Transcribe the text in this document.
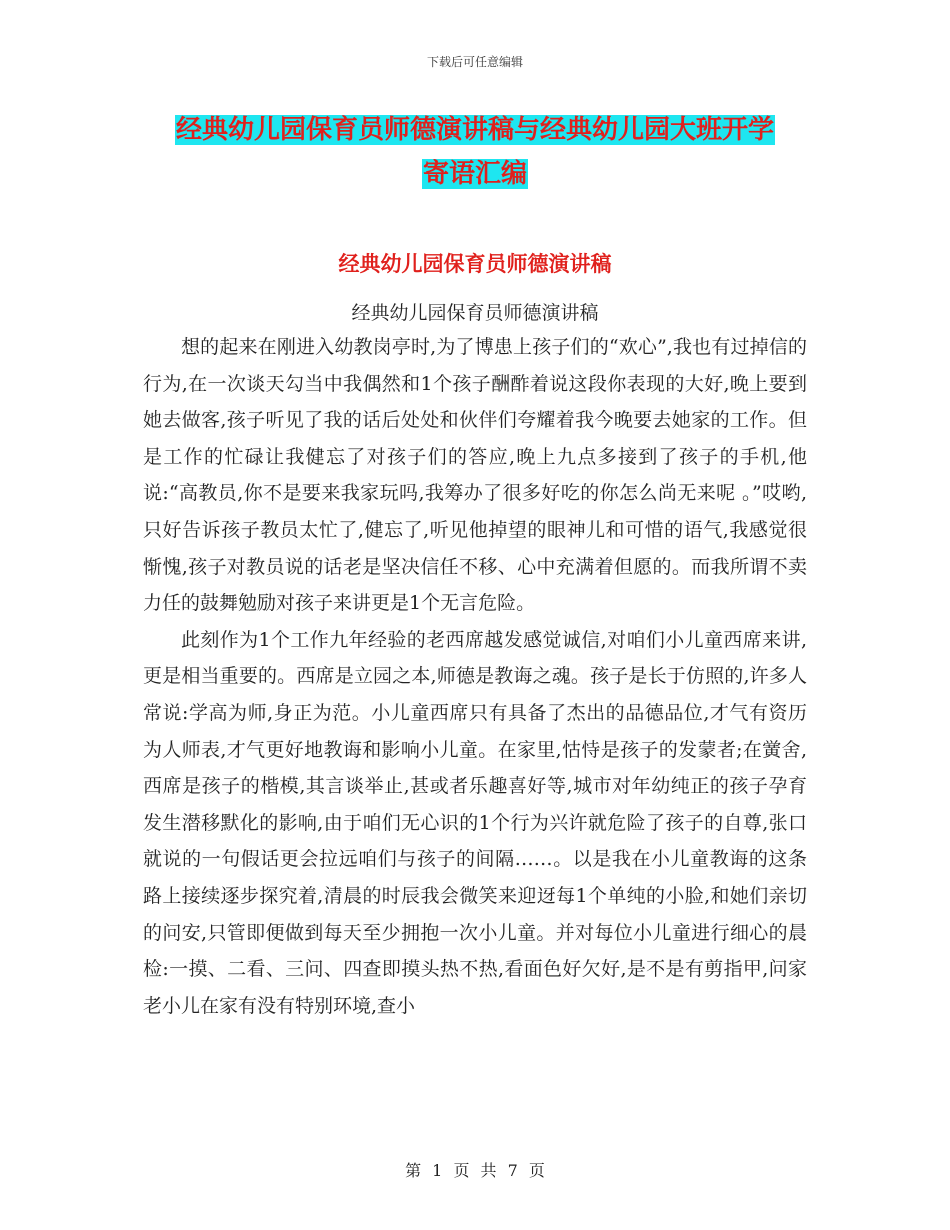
下载后可任意编辑
经典幼儿园保育员师德演讲稿与经典幼儿园大班开学
寄语汇编
经典幼儿园保育员师德演讲稿
经典幼儿园保育员师德演讲稿

想的起来在刚进入幼教岗亭时,为了博患上孩子们的“欢心”,我也有过掉信的行为,在一次谈天勾当中我偶然和1个孩子酬酢着说这段你表现的大好,晚上要到她去做客,孩子听见了我的话后处处和伙伴们夸耀着我今晚要去她家的工作。但是工作的忙碌让我健忘了对孩子们的答应,晚上九点多接到了孩子的手机,他说:“高教员,你不是要来我家玩吗,我筹办了很多好吃的你怎么尚无来呢 。”哎哟,只好告诉孩子教员太忙了,健忘了,听见他掉望的眼神儿和可惜的语气,我感觉很惭愧,孩子对教员说的话老是坚决信任不移、心中充满着但愿的。而我所谓不卖力任的鼓舞勉励对孩子来讲更是1个无言危险。

此刻作为1个工作九年经验的老西席越发感觉诚信,对咱们小儿童西席来讲,更是相当重要的。西席是立园之本,师德是教诲之魂。孩子是长于仿照的,许多人常说:学高为师,身正为范。小儿童西席只有具备了杰出的品德品位,才气有资历为人师表,才气更好地教诲和影响小儿童。在家里,怙恃是孩子的发蒙者;在黉舍,西席是孩子的楷模,其言谈举止,甚或者乐趣喜好等,城市对年幼纯正的孩子孕育发生潜移默化的影响,由于咱们无心识的1个行为兴许就危险了孩子的自尊,张口就说的一句假话更会拉远咱们与孩子的间隔……。以是我在小儿童教诲的这条路上接续逐步探究着,清晨的时辰我会微笑来迎迓每1个单纯的小脸,和她们亲切的问安,只管即便做到每天至少拥抱一次小儿童。并对每位小儿童进行细心的晨检:一摸、二看、三问、四查即摸头热不热,看面色好欠好,是不是有剪指甲,问家老小儿在家有没有特别环境,查小

第 1 页 共 7 页
